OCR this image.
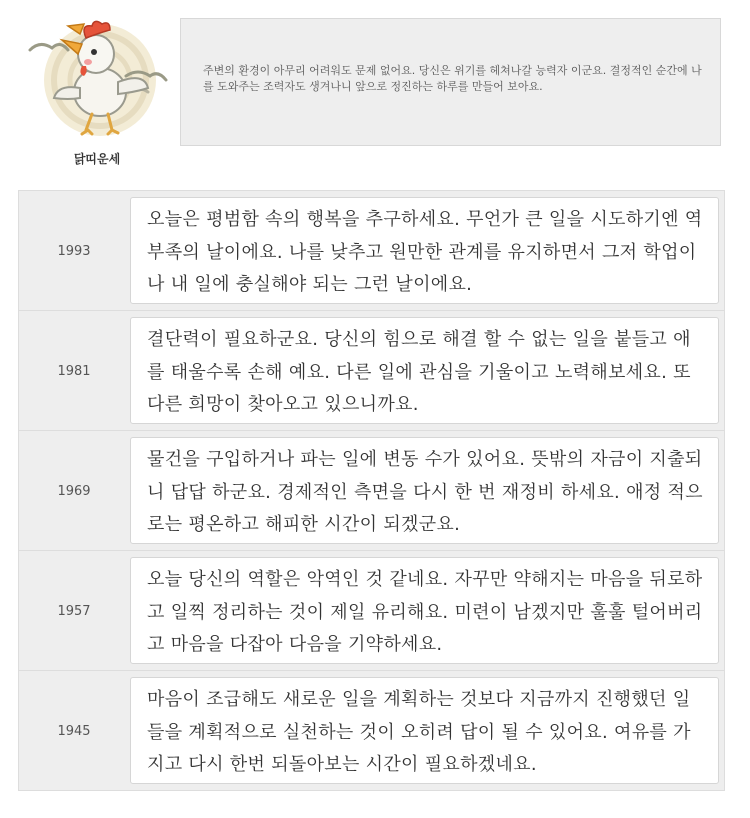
닭띠운세
주변의 환경이 아무리 어려워도 문제 없어요. 당신은 위기를 헤쳐나갈 능력자 이군요. 결정적인 순간에 나를 도와주는 조력자도 생겨나니 앞으로 정진하는 하루를 만들어 보아요.
1993
오늘은 평범함 속의 행복을 추구하세요. 무언가 큰 일을 시도하기엔 역부족의 날이에요. 나를 낮추고 원만한 관계를 유지하면서 그저 학업이나 내 일에 충실해야 되는 그런 날이에요.
1981
결단력이 필요하군요. 당신의 힘으로 해결 할 수 없는 일을 붙들고 애를 태울수록 손해 예요. 다른 일에 관심을 기울이고 노력해보세요. 또 다른 희망이 찾아오고 있으니까요.
1969
물건을 구입하거나 파는 일에 변동 수가 있어요. 뜻밖의 자금이 지출되니 답답 하군요. 경제적인 측면을 다시 한 번 재정비 하세요. 애정 적으로는 평온하고 해피한 시간이 되겠군요.
1957
오늘 당신의 역할은 악역인 것 같네요. 자꾸만 약해지는 마음을 뒤로하고 일찍 정리하는 것이 제일 유리해요. 미련이 남겠지만 훌훌 털어버리고 마음을 다잡아 다음을 기약하세요.
1945
마음이 조급해도 새로운 일을 계획하는 것보다 지금까지 진행했던 일들을 계획적으로 실천하는 것이 오히려 답이 될 수 있어요. 여유를 가지고 다시 한번 되돌아보는 시간이 필요하겠네요.
